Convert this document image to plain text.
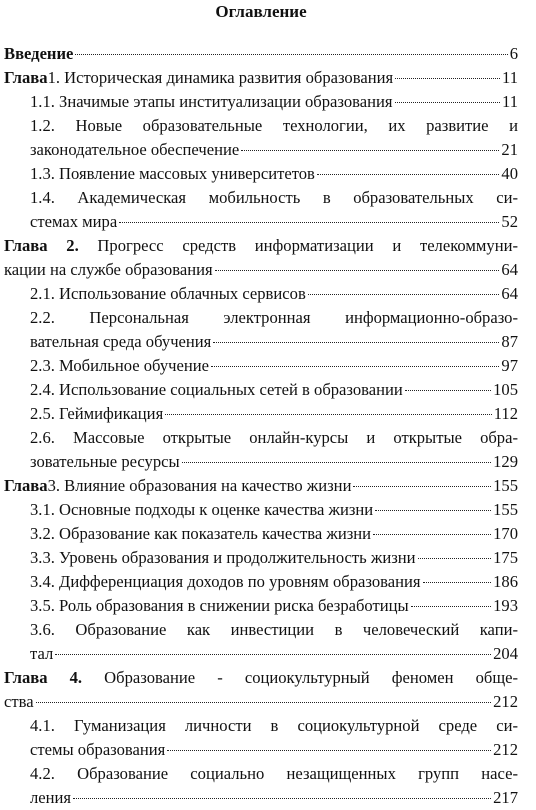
Оглавление
Введение	6
Глава 1. Историческая динамика развития образования	11
1.1. Значимые этапы институализации образования	11
1.2. Новые образовательные технологии, их развитие и
законодательное обеспечение	21
1.3. Появление массовых университетов	40
1.4. Академическая мобильность в образовательных си-
стемах мира	52
Глава 2. Прогресс средств информатизации и телекоммуни-
кации на службе образования	64
2.1. Использование облачных сервисов	64
2.2. Персональная электронная информационно-образо-
вательная среда обучения	87
2.3. Мобильное обучение	97
2.4. Использование социальных сетей в образовании	105
2.5. Геймификация	112
2.6. Массовые открытые онлайн-курсы и открытые обра-
зовательные ресурсы	129
Глава 3. Влияние образования на качество жизни	155
3.1. Основные подходы к оценке качества жизни	155
3.2. Образование как показатель качества жизни	170
3.3. Уровень образования и продолжительность жизни	175
3.4. Дифференциация доходов по уровням образования	186
3.5. Роль образования в снижении риска безработицы	193
3.6. Образование как инвестиции в человеческий капи-
тал	204
Глава 4. Образование - социокультурный феномен обще-
ства	212
4.1. Гуманизация личности в социокультурной среде си-
стемы образования	212
4.2. Образование социально незащищенных групп насе-
ления	217
